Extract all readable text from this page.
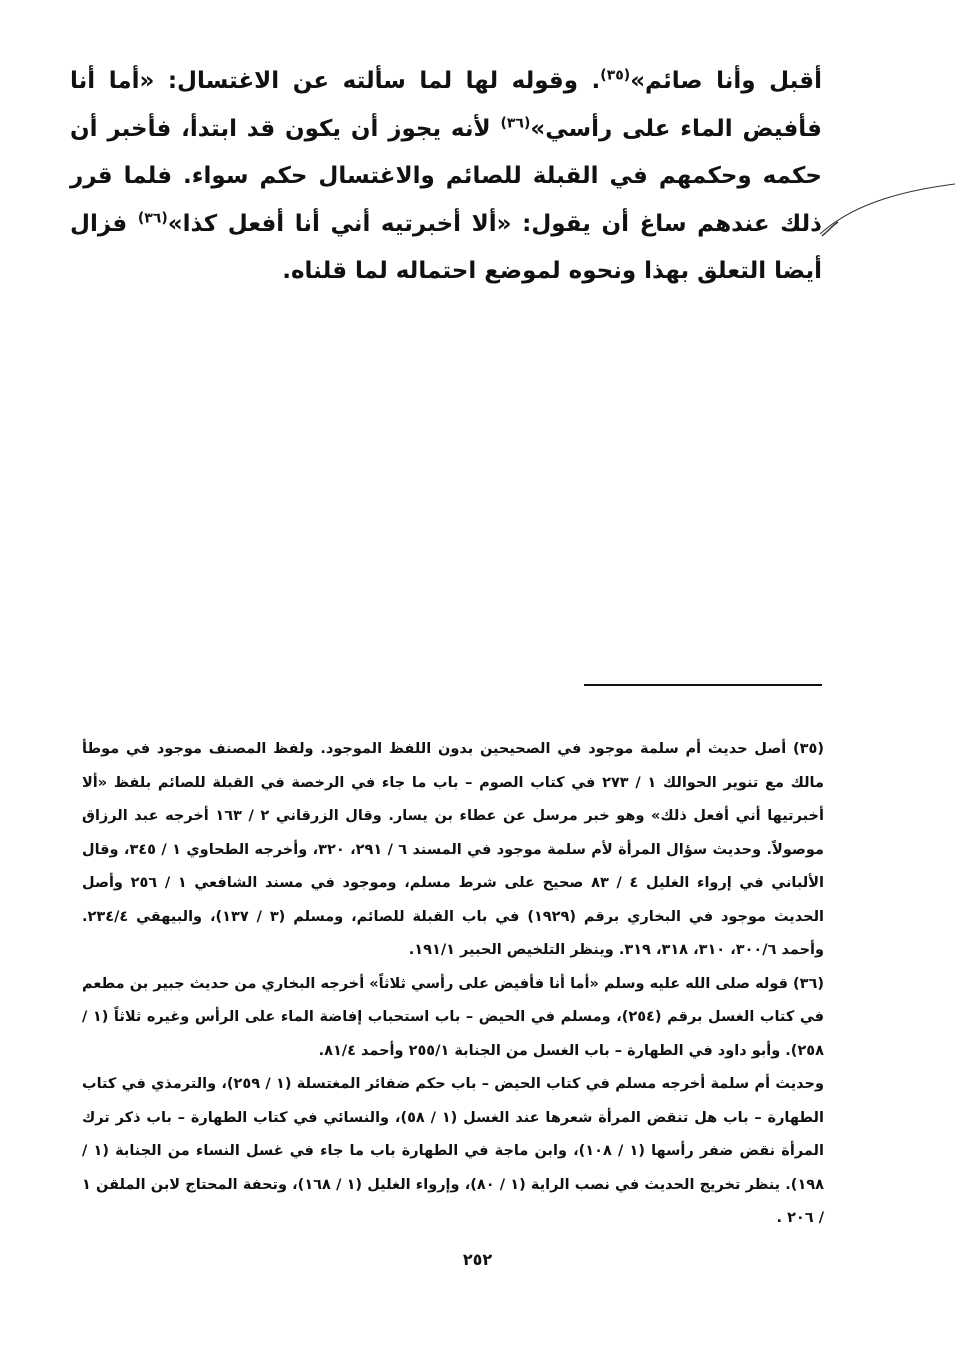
أقبل وأنا صائم»$^{(٣٥)}$. وقوله لها لما سألته عن الاغتسال: «أما أنا فأفيض الماء على رأسي»$^{(٣٦)}$ لأنه يجوز أن يكون قد ابتدأ، فأخبر أن حكمه وحكمهم في القبلة للصائم والاغتسال حكم سواء. فلما قرر ذلك عندهم ساغ أن يقول: «ألا أخبرتيه أني أنا أفعل كذا»$^{(٣٦)}$ فزال أيضا التعلق بهذا ونحوه لموضع احتماله لما قلناه.

(٣٥) أصل حديث أم سلمة موجود في الصحيحين بدون اللفظ الموجود. ولفظ المصنف موجود في موطأ مالك مع تنوير الحوالك ١ / ٢٧٣ في كتاب الصوم – باب ما جاء في الرخصة في القبلة للصائم بلفظ «ألا أخبرتيها أني أفعل ذلك» وهو خبر مرسل عن عطاء بن يسار. وقال الزرقاني ٢ / ١٦٣ أخرجه عبد الرزاق موصولاً. وحديث سؤال المرأة لأم سلمة موجود في المسند ٦ / ٢٩١، ٣٢٠، وأخرجه الطحاوي ١ / ٣٤٥، وقال الألباني في إرواء الغليل ٤ / ٨٣ صحيح على شرط مسلم، وموجود في مسند الشافعي ١ / ٢٥٦ وأصل الحديث موجود في البخاري برقم (١٩٢٩) في باب القبلة للصائم، ومسلم (٣ / ١٣٧)، والبيهقي ٢٣٤/٤. وأحمد ٣٠٠/٦، ٣١٠، ٣١٨، ٣١٩. وينظر التلخيص الحبير ١٩١/١.

(٣٦) قوله صلى الله عليه وسلم «أما أنا فأفيض على رأسي ثلاثاً» أخرجه البخاري من حديث جبير بن مطعم في كتاب الغسل برقم (٢٥٤)، ومسلم في الحيض – باب استحباب إفاضة الماء على الرأس وغيره ثلاثاً (١ / ٢٥٨). وأبو داود في الطهارة – باب الغسل من الجنابة ٢٥٥/١ وأحمد ٨١/٤.

وحديث أم سلمة أخرجه مسلم في كتاب الحيض – باب حكم ضفائر المغتسلة (١ / ٢٥٩)، والترمذي في كتاب الطهارة – باب هل تنقض المرأة شعرها عند الغسل (١ / ٥٨)، والنسائي في كتاب الطهارة – باب ذكر ترك المرأة نقض ضفر رأسها (١ / ١٠٨)، وابن ماجة في الطهارة باب ما جاء في غسل النساء من الجنابة (١ / ١٩٨). ينظر تخريج الحديث في نصب الراية (١ / ٨٠)، وإرواء الغليل (١ / ١٦٨)، وتحفة المحتاج لابن الملقن ١ / ٢٠٦ .

٢٥٢
